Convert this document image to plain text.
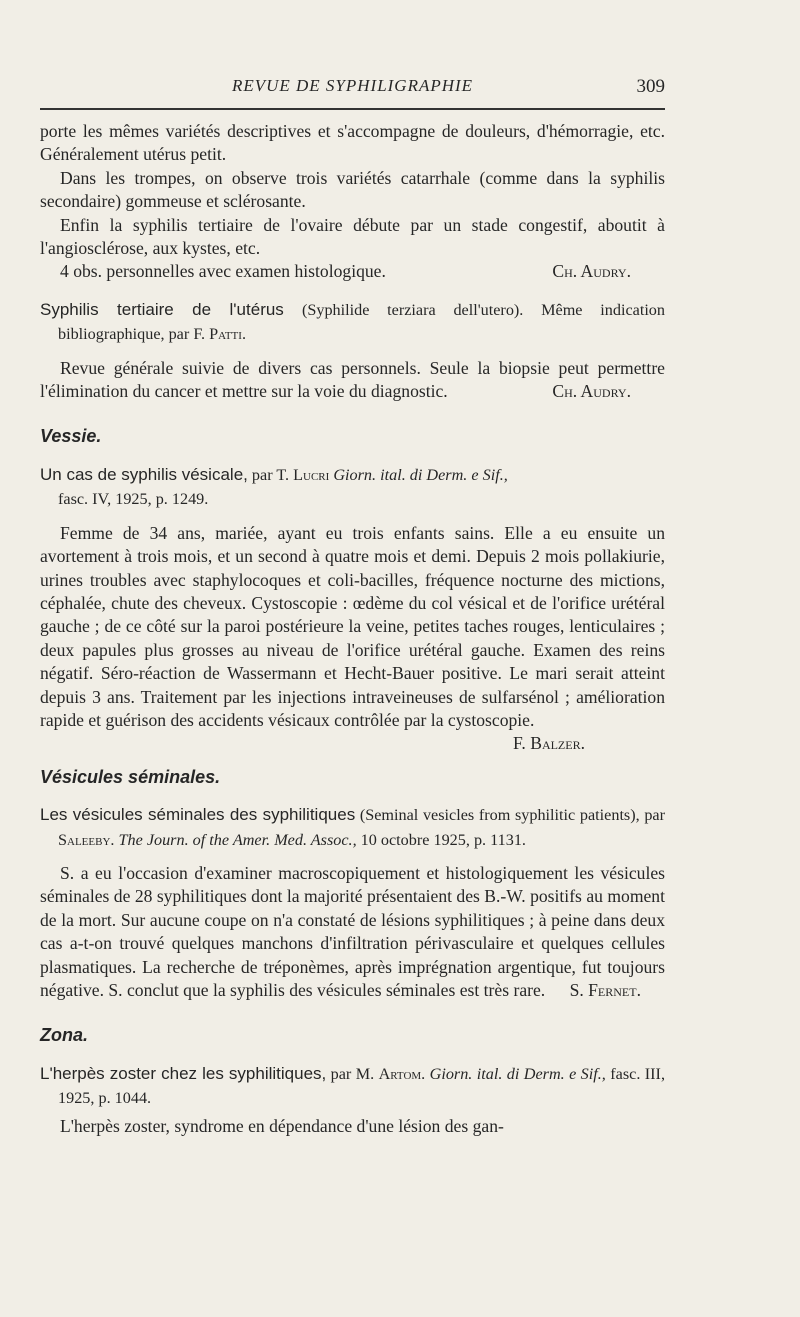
REVUE DE SYPHILIGRAPHIE	309

porte les mêmes variétés descriptives et s'accompagne de douleurs, d'hémorragie, etc. Généralement utérus petit.

Dans les trompes, on observe trois variétés catarrhale (comme dans la syphilis secondaire) gommeuse et sclérosante.

Enfin la syphilis tertiaire de l'ovaire débute par un stade congestif, aboutit à l'angiosclérose, aux kystes, etc.

4 obs. personnelles avec examen histologique.	Ch. Audry.

Syphilis tertiaire de l'utérus (Syphilide terziara dell'utero). Même indication bibliographique, par F. Patti.

Revue générale suivie de divers cas personnels. Seule la biopsie peut permettre l'élimination du cancer et mettre sur la voie du diagnostic.	Ch. Audry.

Vessie.

Un cas de syphilis vésicale, par T. Lucri Giorn. ital. di Derm. e Sif.,
fasc. IV, 1925, p. 1249.

Femme de 34 ans, mariée, ayant eu trois enfants sains. Elle a eu ensuite un avortement à trois mois, et un second à quatre mois et demi. Depuis 2 mois pollakiurie, urines troubles avec staphylocoques et coli-bacilles, fréquence nocturne des mictions, céphalée, chute des cheveux. Cystoscopie : œdème du col vésical et de l'orifice urétéral gauche ; de ce côté sur la paroi postérieure la veine, petites taches rouges, lenticulaires ; deux papules plus grosses au niveau de l'orifice urétéral gauche. Examen des reins négatif. Séro-réaction de Wassermann et Hecht-Bauer positive. Le mari serait atteint depuis 3 ans. Traitement par les injections intraveineuses de sulfarsénol ; amélioration rapide et guérison des accidents vésicaux contrôlée par la cystoscopie.

F. Balzer.

Vésicules séminales.

Les vésicules séminales des syphilitiques (Seminal vesicles from syphilitic patients), par Saleeby. The Journ. of the Amer. Med. Assoc., 10 octobre 1925, p. 1131.

S. a eu l'occasion d'examiner macroscopiquement et histologiquement les vésicules séminales de 28 syphilitiques dont la majorité présentaient des B.-W. positifs au moment de la mort. Sur aucune coupe on n'a constaté de lésions syphilitiques ; à peine dans deux cas a-t-on trouvé quelques manchons d'infiltration périvasculaire et quelques cellules plasmatiques. La recherche de tréponèmes, après imprégnation argentique, fut toujours négative. S. conclut que la syphilis des vésicules séminales est très rare.	S. Fernet.

Zona.

L'herpès zoster chez les syphilitiques, par M. Artom. Giorn. ital. di Derm. e Sif., fasc. III, 1925, p. 1044.

L'herpès zoster, syndrome en dépendance d'une lésion des gan-
